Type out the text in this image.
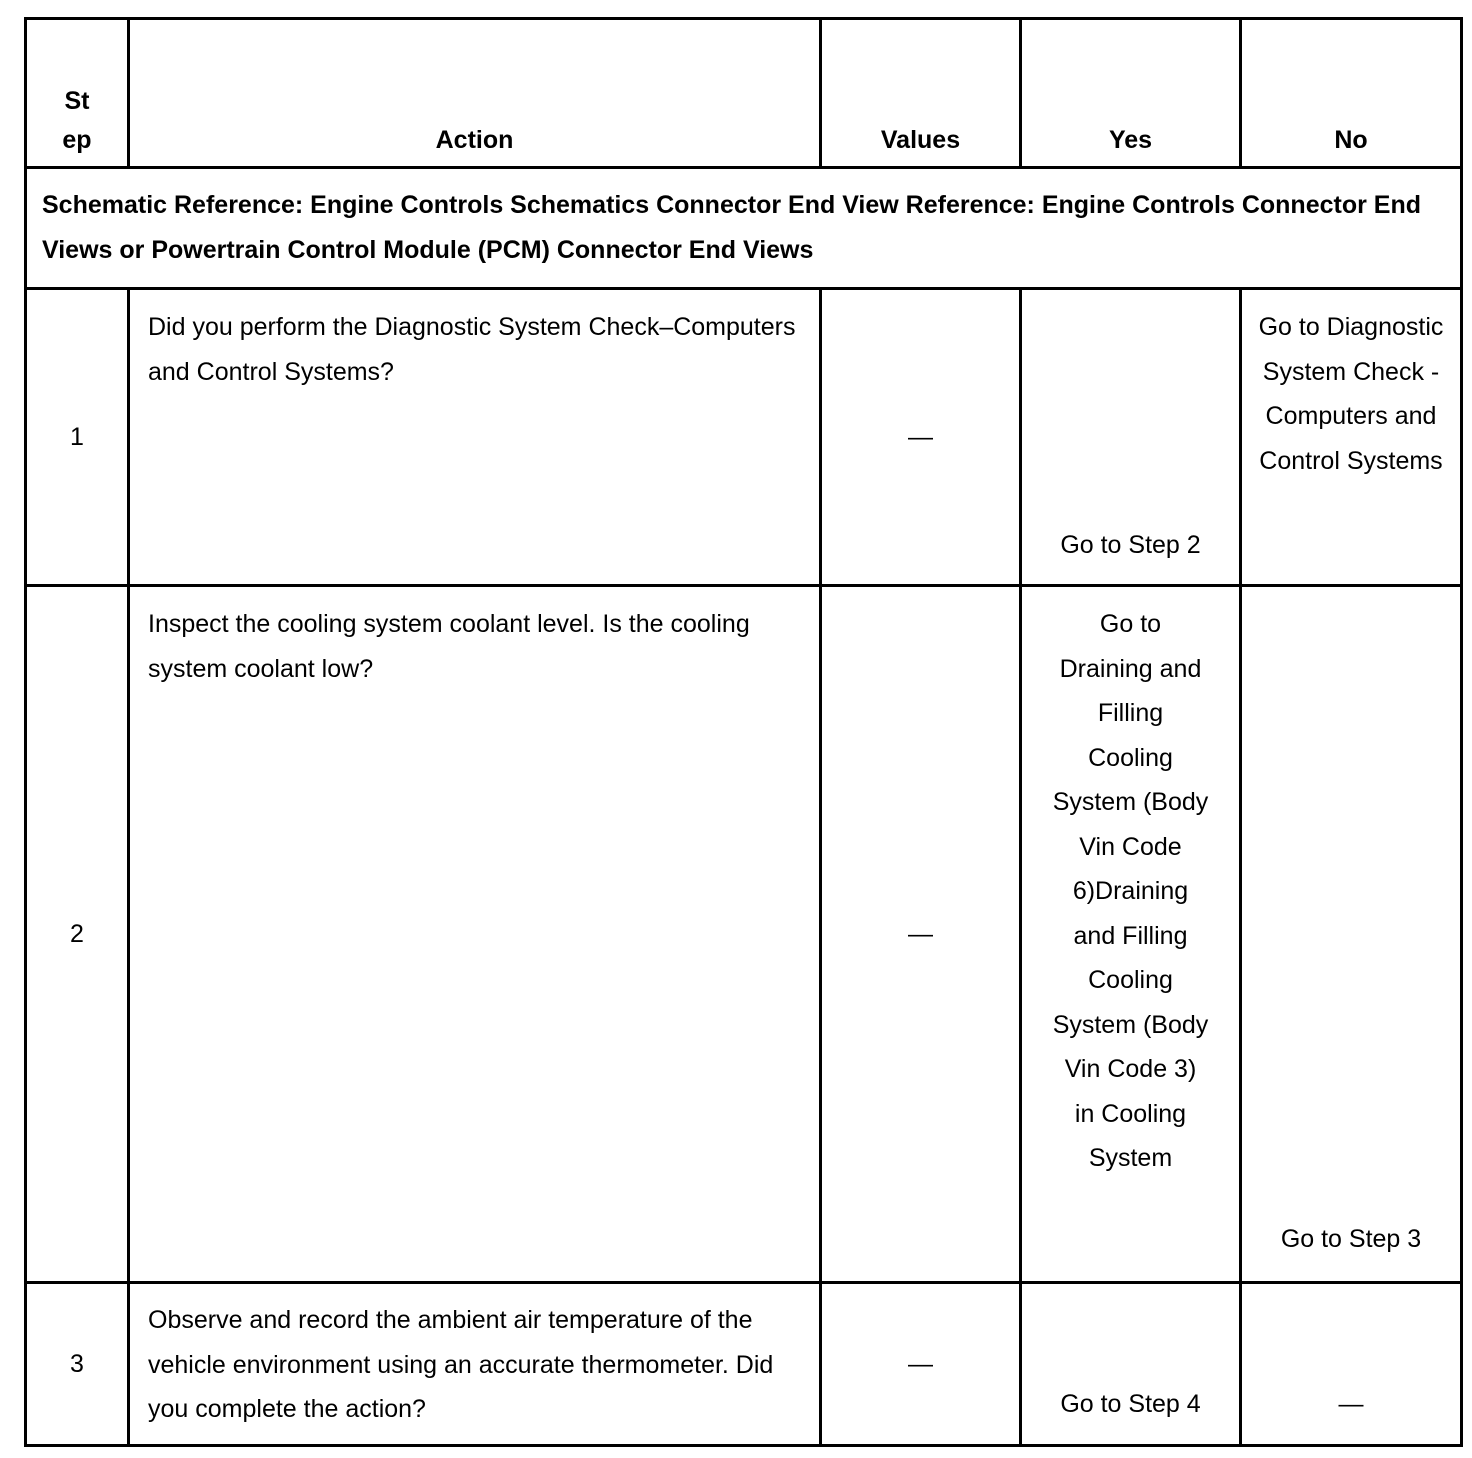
St ep	Action	Values	Yes	No
Schematic Reference: Engine Controls Schematics Connector End View Reference: Engine Controls Connector End Views or Powertrain Control Module (PCM) Connector End Views				
1	Did you perform the Diagnostic System Check–Computers and Control Systems?	—	Go to Step 2	Go to Diagnostic System Check - Computers and Control Systems

2	Inspect the cooling system coolant level. Is the cooling system coolant low?	—	Go to Draining and Filling Cooling System (Body Vin Code 6)Draining and Filling Cooling System (Body Vin Code 3) in Cooling System	Go to Step 3

3	Observe and record the ambient air temperature of the vehicle environment using an accurate thermometer. Did you complete the action?	—	Go to Step 4	—
